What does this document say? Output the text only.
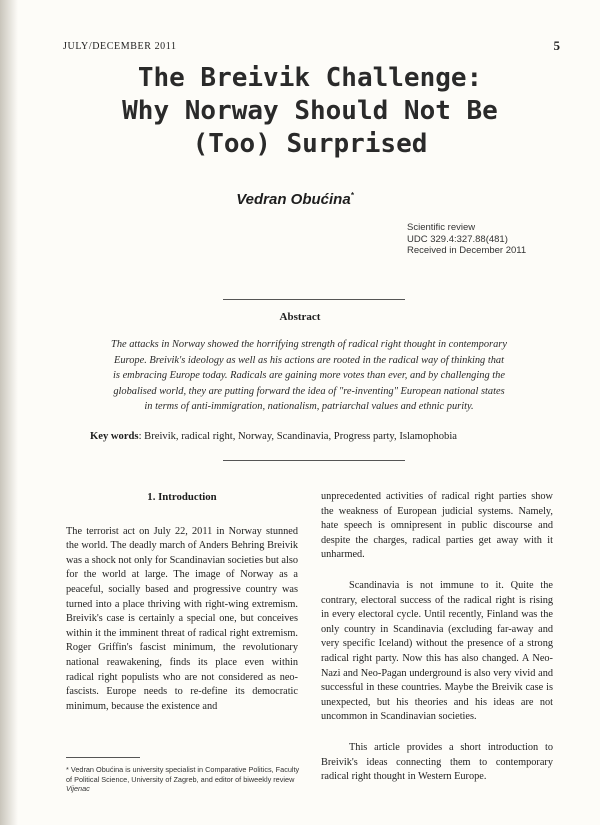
JULY/DECEMBER 2011	5
The Breivik Challenge:
Why Norway Should Not Be
(Too) Surprised
Vedran Obućina*
Scientific review
UDC 329.4:327.88(481)
Received in December 2011
Abstract
The attacks in Norway showed the horrifying strength of radical right thought in contemporary Europe. Breivik's ideology as well as his actions are rooted in the radical way of thinking that is embracing Europe today. Radicals are gaining more votes than ever, and by challenging the globalised world, they are putting forward the idea of "re-inventing" European national states in terms of anti-immigration, nationalism, patriarchal values and ethnic purity.
Key words: Breivik, radical right, Norway, Scandinavia, Progress party, Islamophobia
1. Introduction

The terrorist act on July 22, 2011 in Norway stunned the world. The deadly march of Anders Behring Breivik was a shock not only for Scandinavian societies but also for the world at large. The image of Norway as a peaceful, socially based and progressive country was turned into a place thriving with right-wing extremism. Breivik's case is certainly a special one, but conceives within it the imminent threat of radical right extremism. Roger Griffin's fascist minimum, the revolutionary national reawakening, finds its place even within radical right populists who are not considered as neo-fascists. Europe needs to re-define its democratic minimum, because the existence and

unprecedented activities of radical right parties show the weakness of European judicial systems. Namely, hate speech is omnipresent in public discourse and despite the charges, radical parties get away with it unharmed.

Scandinavia is not immune to it. Quite the contrary, electoral success of the radical right is rising in every electoral cycle. Until recently, Finland was the only country in Scandinavia (excluding far-away and very specific Iceland) without the presence of a strong radical right party. Now this has also changed. A Neo-Nazi and Neo-Pagan underground is also very vivid and successful in these countries. Maybe the Breivik case is unexpected, but his theories and his ideas are not uncommon in Scandinavian societies.

This article provides a short introduction to Breivik's ideas connecting them to contemporary radical right thought in Western Europe.

* Vedran Obućina is university specialist in Comparative Politics, Faculty of Political Science, University of Zagreb, and editor of biweekly review Vijenac
